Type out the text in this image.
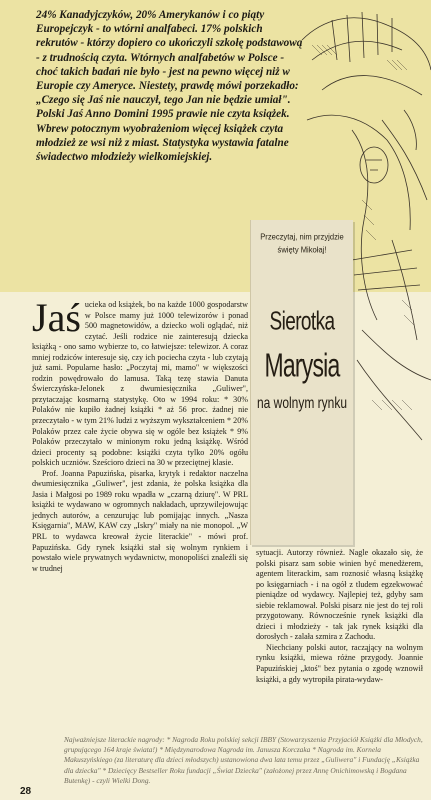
24% Kanadyjczyków, 20% Amerykanów i co piąty Europejczyk - to wtórni analfabeci. 17% polskich rekrutów - którzy dopiero co ukończyli szkołę podstawową - z trudnością czyta. Wtórnych analfabetów w Polsce - choć takich badań nie było - jest na pewno więcej niż w Europie czy Ameryce. Niestety, prawdę mówi porzekadło: „Czego się Jaś nie nauczył, tego Jan nie będzie umiał". Polski Jaś Anno Domini 1995 prawie nie czyta książek. Wbrew potocznym wyobrażeniom więcej książek czyta młodzież ze wsi niż z miast. Statystyka wystawia fatalne świadectwo młodzieży wielkomiejskiej.

Przeczytaj, nim przyjdzie święty Mikołaj!
Sierotka
Marysia
na wolnym rynku

Jaś ucieka od książek, bo na każde 1000 gospodarstw w Polsce mamy już 1000 telewizorów i ponad 500 magnetowidów, a dziecko woli oglądać, niż czytać. Jeśli rodzice nie zainteresują dziecka książką - ono samo wybierze to, co łatwiejsze: telewizor. A coraz mniej rodziców interesuje się, czy ich pociecha czyta - lub czytają już sami. Popularne hasło: „Poczytaj mi, mamo" w większości rodzin powędrowało do lamusa. Taką tezę stawia Danuta Świerczyńska-Jelonek z dwumiesięcznika „Guliwer", przytaczając kosmarną statystykę. Oto w 1994 roku: * 30% Polaków nie kupiło żadnej książki * aż 56 proc. żadnej nie przeczytało - w tym 21% ludzi z wyższym wykształceniem * 20% Polaków przez całe życie obywa się w ogóle bez książek * 9% Polaków przeczytało w minionym roku jedną książkę. Wśród dzieci procenty są podobne: książki czyta tylko 20% ogółu polskich uczniów. Sześciorо dzieci na 30 w przeciętnej klasie.

Prof. Joanna Papuzińska, pisarka, krytyk i redaktor naczelna dwumiesięcznika „Guliwer", jest zdania, że polska książka dla Jasia i Małgosi po 1989 roku wpadła w „czarną dziurę". W PRL książki te wydawano w ogromnych nakładach, uprzywilejowując jednych autorów, a cenzurując lub pomijając innych. „Nasza Księgarnia", MAW, KAW czy „Iskry" miały na nie monopol. „W PRL to wydawca kreował życie literackie" - mówi prof. Papuzińska. Gdy rynek książki stał się wolnym rynkiem i powstało wiele prywatnych wydawnictw, monopoliści znaleźli się w trudnej

sytuacji. Autorzy również. Nagle okazało się, że polski pisarz sam sobie winien być menedżerem, agentem literackim, sam roznosić własną książkę po księgarniach - i na ogół z tludem egzekwować pieniądze od wydawcy. Najlepiej też, gdyby sam siebie reklamował. Polski pisarz nie jest do tej roli przygotowany. Równocześnie rynek książki dla dzieci i młodzieży - tak jak rynek książki dla dorosłych - zalała szmira z Zachodu.

Niechciany polski autor, racząjący na wolnym rynku książki, miewa różne przygody. Joannie Papuzińskiej „ktoś" bez pytania o zgodę wznowił książki, a gdy wytropiła pirata-wydaw-

Najważniejsze literackie nagrody: * Nagroda Roku polskiej sekcji IBBY (Stowarzyszenia Przyjaciół Książki dla Młodych, grupującego 164 kraje świata!) * Międzynarodowa Nagroda im. Janusza Korczaka * Nagroda im. Kornela Makuszyńskiego (za literaturę dla dzieci młodszych) ustanowiona dwa lata temu przez „Guliwera" i Fundację „Książka dla dziecka" * Dziecięcy Bestseller Roku fundacji „Świat Dziecka" (założonej przez Annę Onichimowską i Bogdana Butenkę) - czyli Wielki Dong.
28
